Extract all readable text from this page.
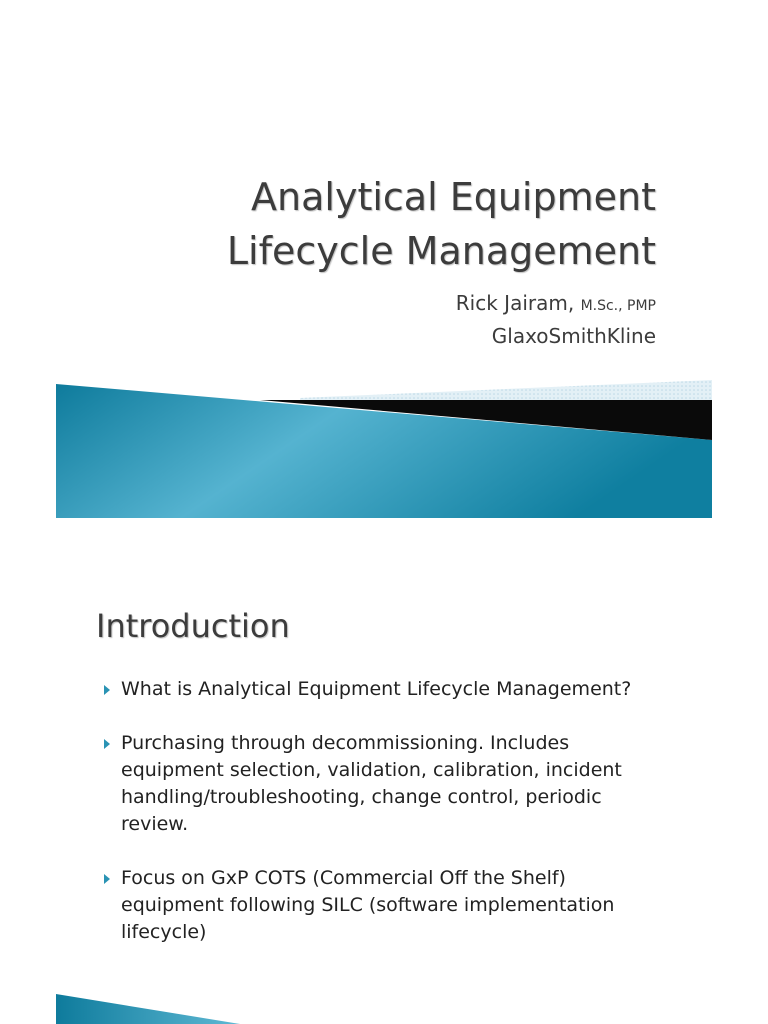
Analytical Equipment
Lifecycle Management
Rick Jairam, M.Sc., PMP
GlaxoSmithKline
Introduction
What is Analytical Equipment Lifecycle Management?
Purchasing through decommissioning. Includes equipment selection, validation, calibration, incident handling/troubleshooting, change control, periodic review.
Focus on GxP COTS (Commercial Off the Shelf) equipment following SILC (software implementation lifecycle)
